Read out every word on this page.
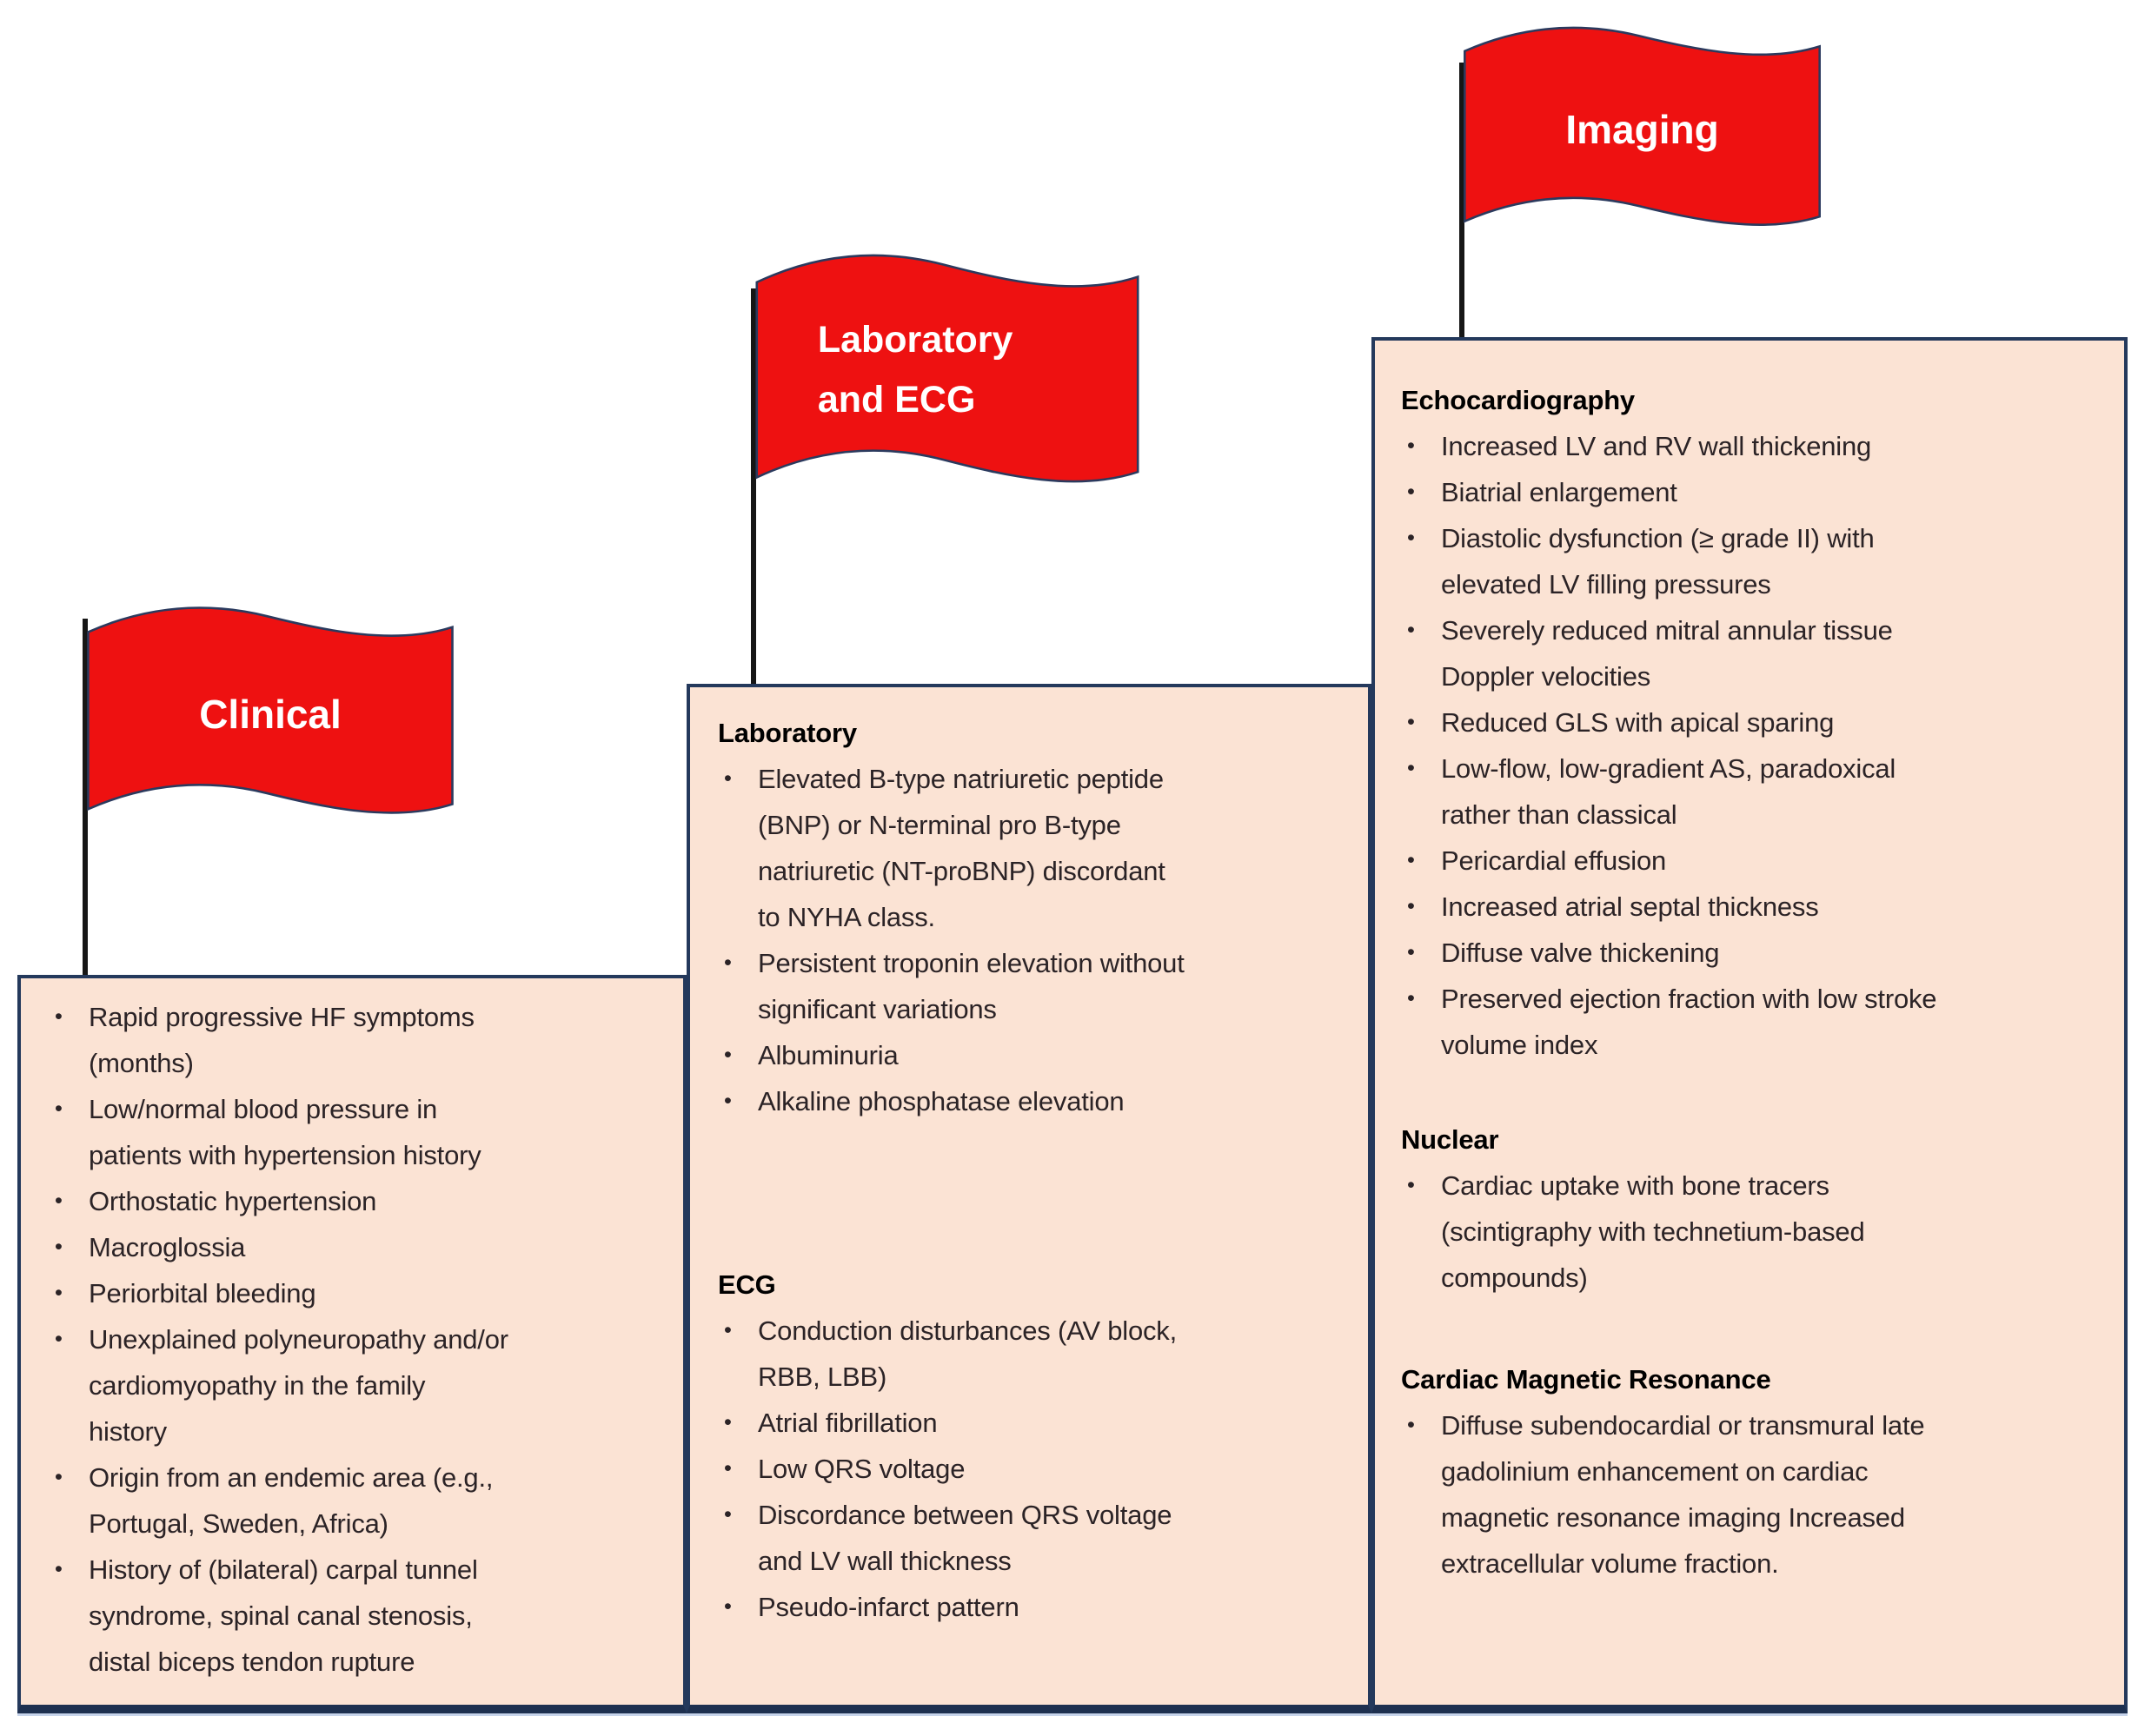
Clinical
• Rapid progressive HF symptoms (months)
• Low/normal blood pressure in patients with hypertension history
• Orthostatic hypertension
• Macroglossia
• Periorbital bleeding
• Unexplained polyneuropathy and/or cardiomyopathy in the family history
• Origin from an endemic area (e.g., Portugal, Sweden, Africa)
• History of (bilateral) carpal tunnel syndrome, spinal canal stenosis, distal biceps tendon rupture
Laboratory
and ECG
Laboratory
• Elevated B-type natriuretic peptide (BNP) or N-terminal pro B-type natriuretic (NT-proBNP) discordant to NYHA class.
• Persistent troponin elevation without significant variations
• Albuminuria
• Alkaline phosphatase elevation
ECG
• Conduction disturbances (AV block, RBB, LBB)
• Atrial fibrillation
• Low QRS voltage
• Discordance between QRS voltage and LV wall thickness
• Pseudo-infarct pattern
Imaging
Echocardiography
• Increased LV and RV wall thickening
• Biatrial enlargement
• Diastolic dysfunction (≥ grade II) with elevated LV filling pressures
• Severely reduced mitral annular tissue Doppler velocities
• Reduced GLS with apical sparing
• Low-flow, low-gradient AS, paradoxical rather than classical
• Pericardial effusion
• Increased atrial septal thickness
• Diffuse valve thickening
• Preserved ejection fraction with low stroke volume index
Nuclear
• Cardiac uptake with bone tracers (scintigraphy with technetium-based compounds)
Cardiac Magnetic Resonance
• Diffuse subendocardial or transmural late gadolinium enhancement on cardiac magnetic resonance imaging Increased extracellular volume fraction.
